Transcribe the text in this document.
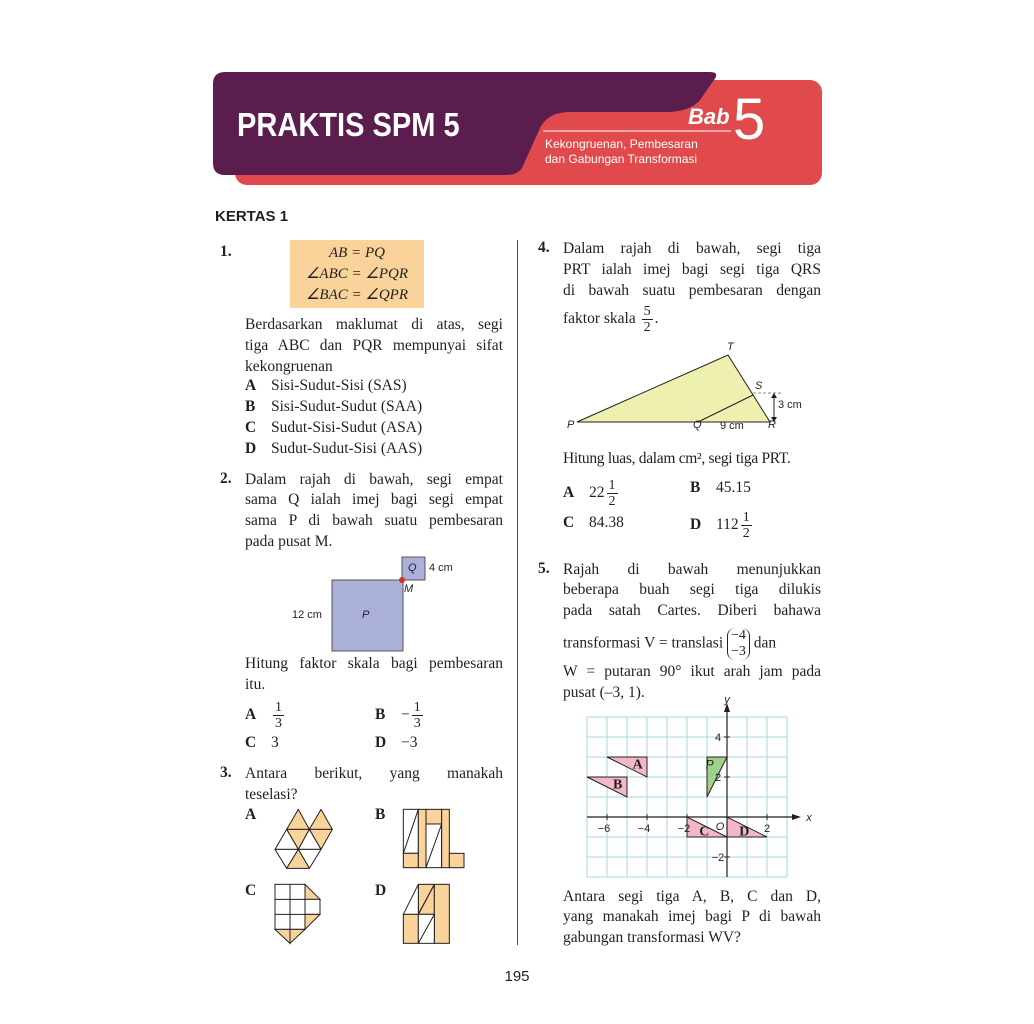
PRAKTIS SPM 5	Bab 5
Kekongruenan, Pembesaran
dan Gabungan Transformasi
KERTAS 1
1.	AB = PQ
∠ABC = ∠PQR
∠BAC = ∠QPR
Berdasarkan maklumat di atas, segi
tiga ABC dan PQR mempunyai sifat
kekongruenan
A Sisi-Sudut-Sisi (SAS)
B Sisi-Sudut-Sudut (SAA)
C Sudut-Sisi-Sudut (ASA)
D Sudut-Sudut-Sisi (AAS)
2. Dalam rajah di bawah, segi empat
sama Q ialah imej bagi segi empat
sama P di bawah suatu pembesaran
pada pusat M.
Q 4 cm
M
12 cm	P
Hitung faktor skala bagi pembesaran
itu.
A $\frac{1}{3}$	$B - \frac{1}{3}$
C 3	D −3
3. Antara berikut, yang manakah
teselasi?
A	B
C	D
4. Dalam rajah di bawah, segi tiga
PRT ialah imej bagi segi tiga QRS
di bawah suatu pembesaran dengan
faktor skala $\frac{5}{2}$ .
T
S
3 cm
P	Q 9 cm R
Hitung luas, dalam cm², segi tiga PRT.
A $22 \frac{1}{2}$	B 45.15
C 84.38	D $112 \frac{1}{2}$
5. Rajah di bawah menunjukkan
beberapa buah segi tiga dilukis
pada satah Cartes. Diberi bahawa
transformasi V = translasi −4
−3 dan
W = putaran 90° ikut arah jam pada
pusat (–3, 1).
A
B
P
C D
−6 −4 −2	2
4
2
−2
O
x
y
Antara segi tiga A, B, C dan D,
yang manakah imej bagi P di bawah
gabungan transformasi WV?
195
